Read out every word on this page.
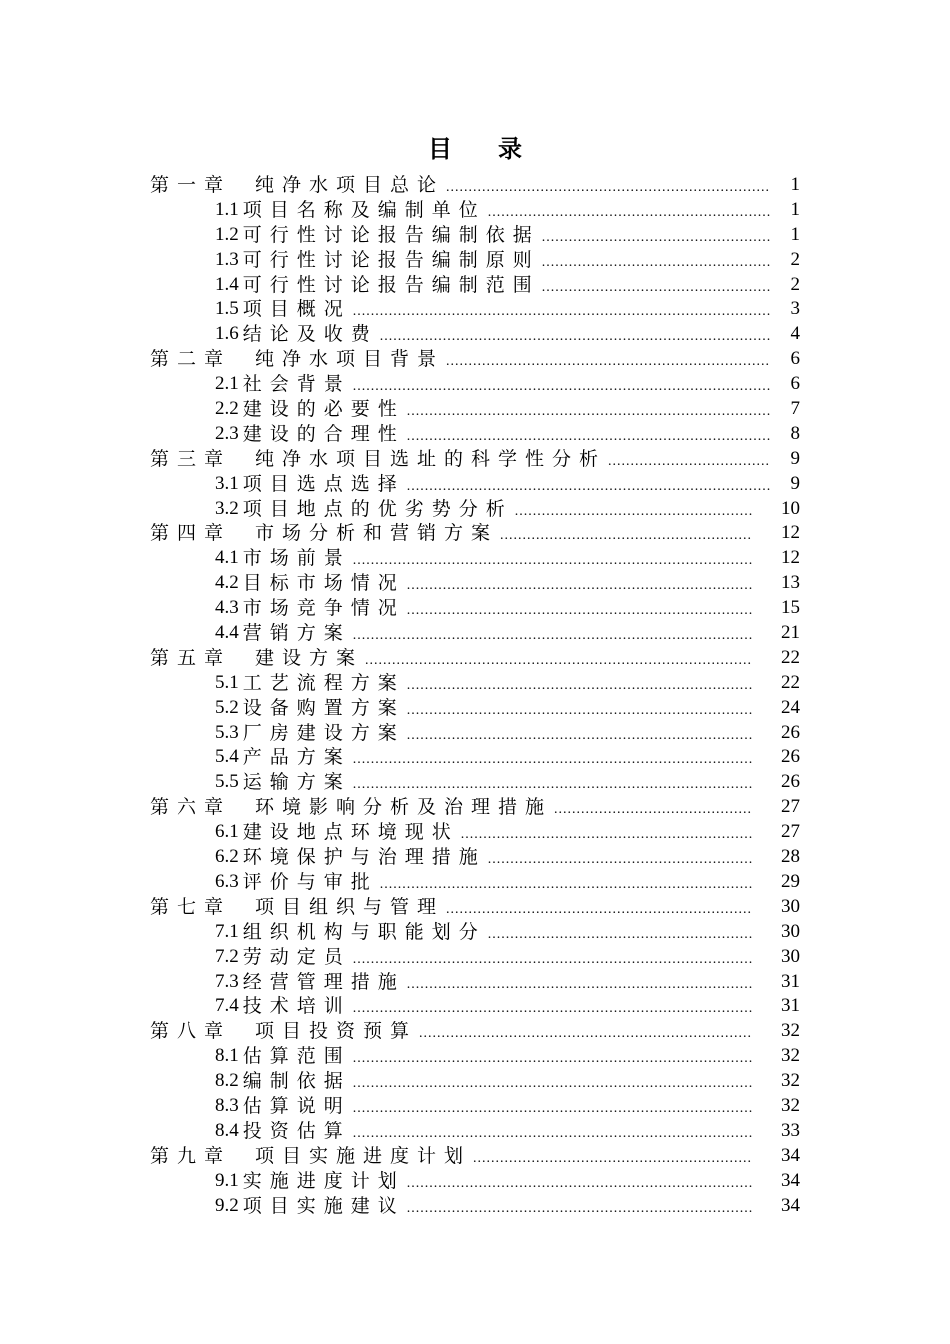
目录
第一章 纯净水项目总论 .....	1
1.1 项目名称及编制单位 .....	1
1.2 可行性讨论报告编制依据 .....	1
1.3 可行性讨论报告编制原则 .....	2
1.4 可行性讨论报告编制范围 .....	2
1.5 项目概况 .....	3
1.6 结论及收费 .....	4
第二章 纯净水项目背景 .....	6
2.1 社会背景 .....	6
2.2 建设的必要性 .....	7
2.3 建设的合理性 .....	8
第三章 纯净水项目选址的科学性分析 .....	9
3.1 项目选点选择 .....	9
3.2 项目地点的优劣势分析 .....	10
第四章 市场分析和营销方案 .....	12
4.1 市场前景 .....	12
4.2 目标市场情况 .....	13
4.3 市场竞争情况 .....	15
4.4 营销方案 .....	21
第五章 建设方案 .....	22
5.1 工艺流程方案 .....	22
5.2 设备购置方案 .....	24
5.3 厂房建设方案 .....	26
5.4 产品方案 .....	26
5.5 运输方案 .....	26
第六章 环境影响分析及治理措施 .....	27
6.1 建设地点环境现状 .....	27
6.2 环境保护与治理措施 .....	28
6.3 评价与审批 .....	29
第七章 项目组织与管理 .....	30
7.1 组织机构与职能划分 .....	30
7.2 劳动定员 .....	30
7.3 经营管理措施 .....	31
7.4 技术培训 .....	31
第八章 项目投资预算 .....	32
8.1 估算范围 .....	32
8.2 编制依据 .....	32
8.3 估算说明 .....	32
8.4 投资估算 .....	33
第九章 项目实施进度计划 .....	34
9.1 实施进度计划 .....	34
9.2 项目实施建议 .....	34
